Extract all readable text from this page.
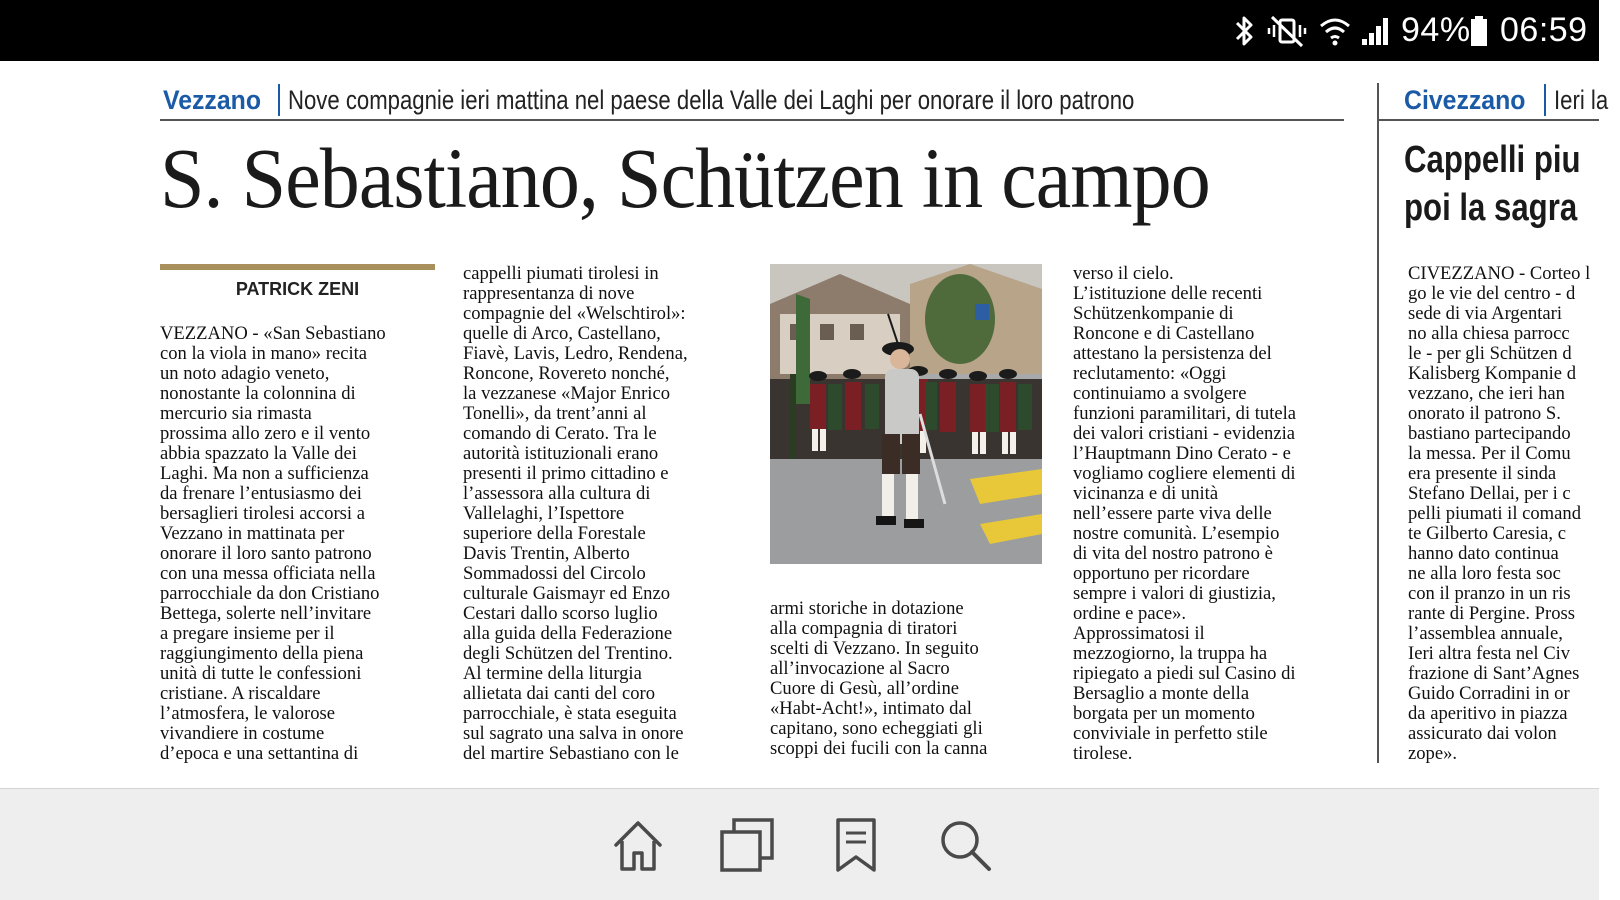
94% 06:59
Vezzano Nove compagnie ieri mattina nel paese della Valle dei Laghi per onorare il loro patrono
S. Sebastiano, Schützen in campo
PATRICK ZENI
VEZZANO - «San Sebastiano
con la viola in mano» recita
un noto adagio veneto,
nonostante la colonnina di
mercurio sia rimasta
prossima allo zero e il vento
abbia spazzato la Valle dei
Laghi. Ma non a sufficienza
da frenare l’entusiasmo dei
bersaglieri tirolesi accorsi a
Vezzano in mattinata per
onorare il loro santo patrono
con una messa officiata nella
parrocchiale da don Cristiano
Bettega, solerte nell’invitare
a pregare insieme per il
raggiungimento della piena
unità di tutte le confessioni
cristiane. A riscaldare
l’atmosfera, le valorose
vivandiere in costume
d’epoca e una settantina di
cappelli piumati tirolesi in
rappresentanza di nove
compagnie del «Welschtirol»:
quelle di Arco, Castellano,
Fiavè, Lavis, Ledro, Rendena,
Roncone, Rovereto nonché,
la vezzanese «Major Enrico
Tonelli», da trent’anni al
comando di Cerato. Tra le
autorità istituzionali erano
presenti il primo cittadino e
l’assessora alla cultura di
Vallelaghi, l’Ispettore
superiore della Forestale
Davis Trentin, Alberto
Sommadossi del Circolo
culturale Gaismayr ed Enzo
Cestari dallo scorso luglio
alla guida della Federazione
degli Schützen del Trentino.
Al termine della liturgia
allietata dai canti del coro
parrocchiale, è stata eseguita
sul sagrato una salva in onore
del martire Sebastiano con le
armi storiche in dotazione
alla compagnia di tiratori
scelti di Vezzano. In seguito
all’invocazione al Sacro
Cuore di Gesù, all’ordine
«Habt-Acht!», intimato dal
capitano, sono echeggiati gli
scoppi dei fucili con la canna
verso il cielo.
L’istituzione delle recenti
Schützenkompanie di
Roncone e di Castellano
attestano la persistenza del
reclutamento: «Oggi
continuiamo a svolgere
funzioni paramilitari, di tutela
dei valori cristiani - evidenzia
l’Hauptmann Dino Cerato - e
vogliamo cogliere elementi di
vicinanza e di unità
nell’essere parte viva delle
nostre comunità. L’esempio
di vita del nostro patrono è
opportuno per ricordare
sempre i valori di giustizia,
ordine e pace».
Approssimatosi il
mezzogiorno, la truppa ha
ripiegato a piedi sul Casino di
Bersaglio a monte della
borgata per un momento
conviviale in perfetto stile
tirolese.
Civezzano Ieri la
Cappelli piu
poi la sagra
CIVEZZANO - Corteo l
go le vie del centro - d
sede di via Argentari
no alla chiesa parrocc
le - per gli Schützen d
Kalisberg Kompanie d
vezzano, che ieri han
onorato il patrono S.
bastiano partecipando
la messa. Per il Comu
era presente il sinda
Stefano Dellai, per i c
pelli piumati il comand
te Gilberto Caresia, c
hanno dato continua
ne alla loro festa soc
con il pranzo in un ris
rante di Pergine. Pross
l’assemblea annuale,
Ieri altra festa nel Civ
frazione di Sant’Agnes
Guido Corradini in or
da aperitivo in piazza
assicurato dai volon
zope».
